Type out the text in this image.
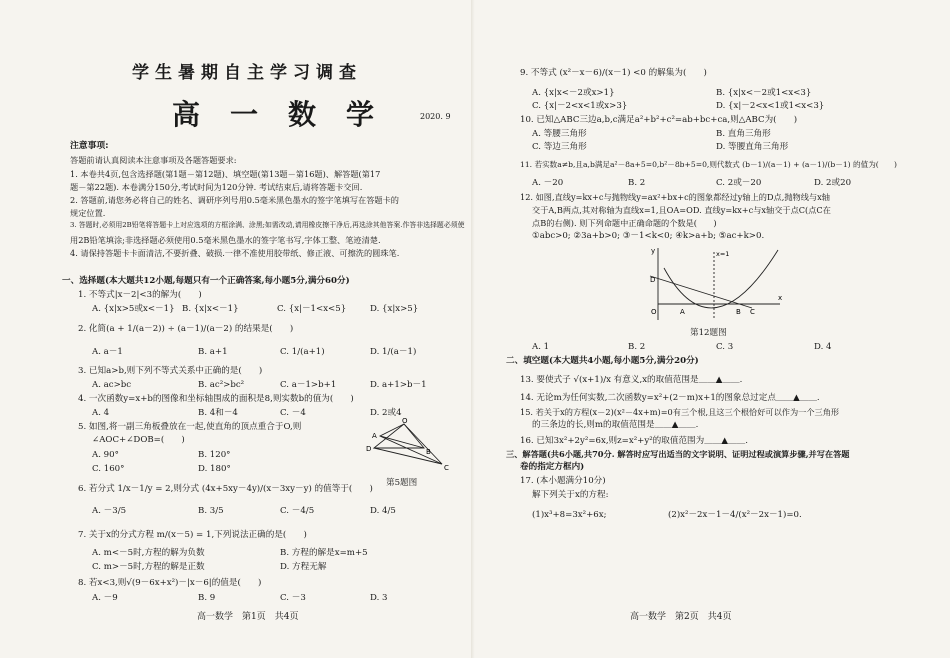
学生暑期自主学习调查
高一数学 2020. 9
注意事项:
答题前请认真阅读本注意事项及各题答题要求:
1. 本卷共4页,包含选择题(第1题－第12题)、填空题(第13题－第16题)、解答题(第17
题－第22题). 本卷满分150分,考试时间为120分钟. 考试结束后,请将答题卡交回.
2. 答题前,请您务必将自己的姓名、调研序列号用0.5毫米黑色墨水的签字笔填写在答题卡的
规定位置.
3. 答题时,必须用2B铅笔将答题卡上对应选项的方框涂满、涂黑;如需改动,请用橡皮擦干净后,再选涂其他答案.作答非选择题必须使
用2B铅笔填涂;非选择题必须使用0.5毫米黑色墨水的签字笔书写,字体工整、笔迹清楚.
4. 请保持答题卡卡面清洁,不要折叠、破损.一律不准使用胶带纸、修正液、可擦洗的圆珠笔.
一、选择题(本大题共12小题,每题只有一个正确答案,每小题5分,满分60分)
1. 不等式|x－2|<3的解为(　　)
A. {x|x>5或x<－1} B. {x|x<－1}	C. {x|－1<x<5}	D. {x|x>5}
2. 化简(a + 1/(a－2)) ÷ (a－1)/(a－2) 的结果是(　　)
A. a－1	B. a+1	C. 1/(a+1)	D. 1/(a－1)
3. 已知a>b,则下列不等式关系中正确的是(　　)
A. ac>bc	B. ac²>bc²	C. a－1>b+1	D. a+1>b－1
4. 一次函数y=x+b的图像和坐标轴围成的面积是8,则实数b的值为(　　)
A. 4	B. 4和－4	C. －4	D. 2或4
5. 如图,将一副三角板叠放在一起,使直角的顶点重合于O,则
∠AOC+∠DOB=(　　)
A. 90°	B. 120°
C. 160°	D. 180°
A
O
C
D	B
第5题图
6. 若分式 1/x－1/y = 2,则分式 (4x+5xy－4y)/(x－3xy－y) 的值等于(　　)
A. －3/5	B. 3/5	C. －4/5	D. 4/5
7. 关于x的分式方程 m/(x－5) = 1,下列说法正确的是(　　)
A. m<－5时,方程的解为负数	B. 方程的解是x=m+5
C. m>－5时,方程的解是正数	D. 方程无解
8. 若x<3,则√(9－6x+x²)－|x－6|的值是(　　)
A. －9	B. 9	C. －3	D. 3
高一数学　第1页　共4页
9. 不等式 (x²－x－6)/(x－1) <0 的解集为(　　)
A. {x|x<－2或x>1}	B. {x|x<－2或1<x<3}
C. {x|－2<x<1或x>3}	D. {x|－2<x<1或1<x<3}
10. 已知△ABC三边a,b,c满足a²+b²+c²=ab+bc+ca,则△ABC为(　　)
A. 等腰三角形	B. 直角三角形
C. 等边三角形	D. 等腰直角三角形
11. 若实数a≠b,且a,b满足a²－8a+5=0,b²－8b+5=0,则代数式 (b－1)/(a－1) + (a－1)/(b－1) 的值为(　　)
A. －20	B. 2	C. 2或－20	D. 2或20
12. 如图,直线y=kx+c与抛物线y=ax²+bx+c的图象都经过y轴上的D点,抛物线与x轴
交于A,B两点,其对称轴为直线x=1,且OA=OD. 直线y=kx+c与x轴交于点C(点C在
点B的右侧). 则下列命题中正确命题的个数是(　　)
①abc>0; ②3a+b>0; ③－1<k<0; ④k>a+b; ⑤ac+k>0.
y
x
x=1
D
O	A	B C
第12题图
A. 1	B. 2	C. 3	D. 4
二、填空题(本大题共4小题,每小题5分,满分20分)
13. 要使式子 √(x+1)/x 有意义,x的取值范围是＿＿▲＿＿.
14. 无论m为任何实数,二次函数y=x²+(2－m)x+1的图象总过定点＿＿▲＿＿.
15. 若关于x的方程(x－2)(x²－4x+m)=0有三个根,且这三个根恰好可以作为一个三角形
的三条边的长,则m的取值范围是＿＿▲＿＿.
16. 已知3x²+2y²=6x,则z=x²+y²的取值范围为＿＿▲＿＿.
三、解答题(共6小题,共70分. 解答时应写出适当的文字说明、证明过程或演算步骤,并写在答题
卷的指定方框内)
17. (本小题满分10分)
解下列关于x的方程:
(1)x³+8=3x²+6x;	(2)x²－2x－1－4/(x²－2x－1)=0.
高一数学　第2页　共4页
